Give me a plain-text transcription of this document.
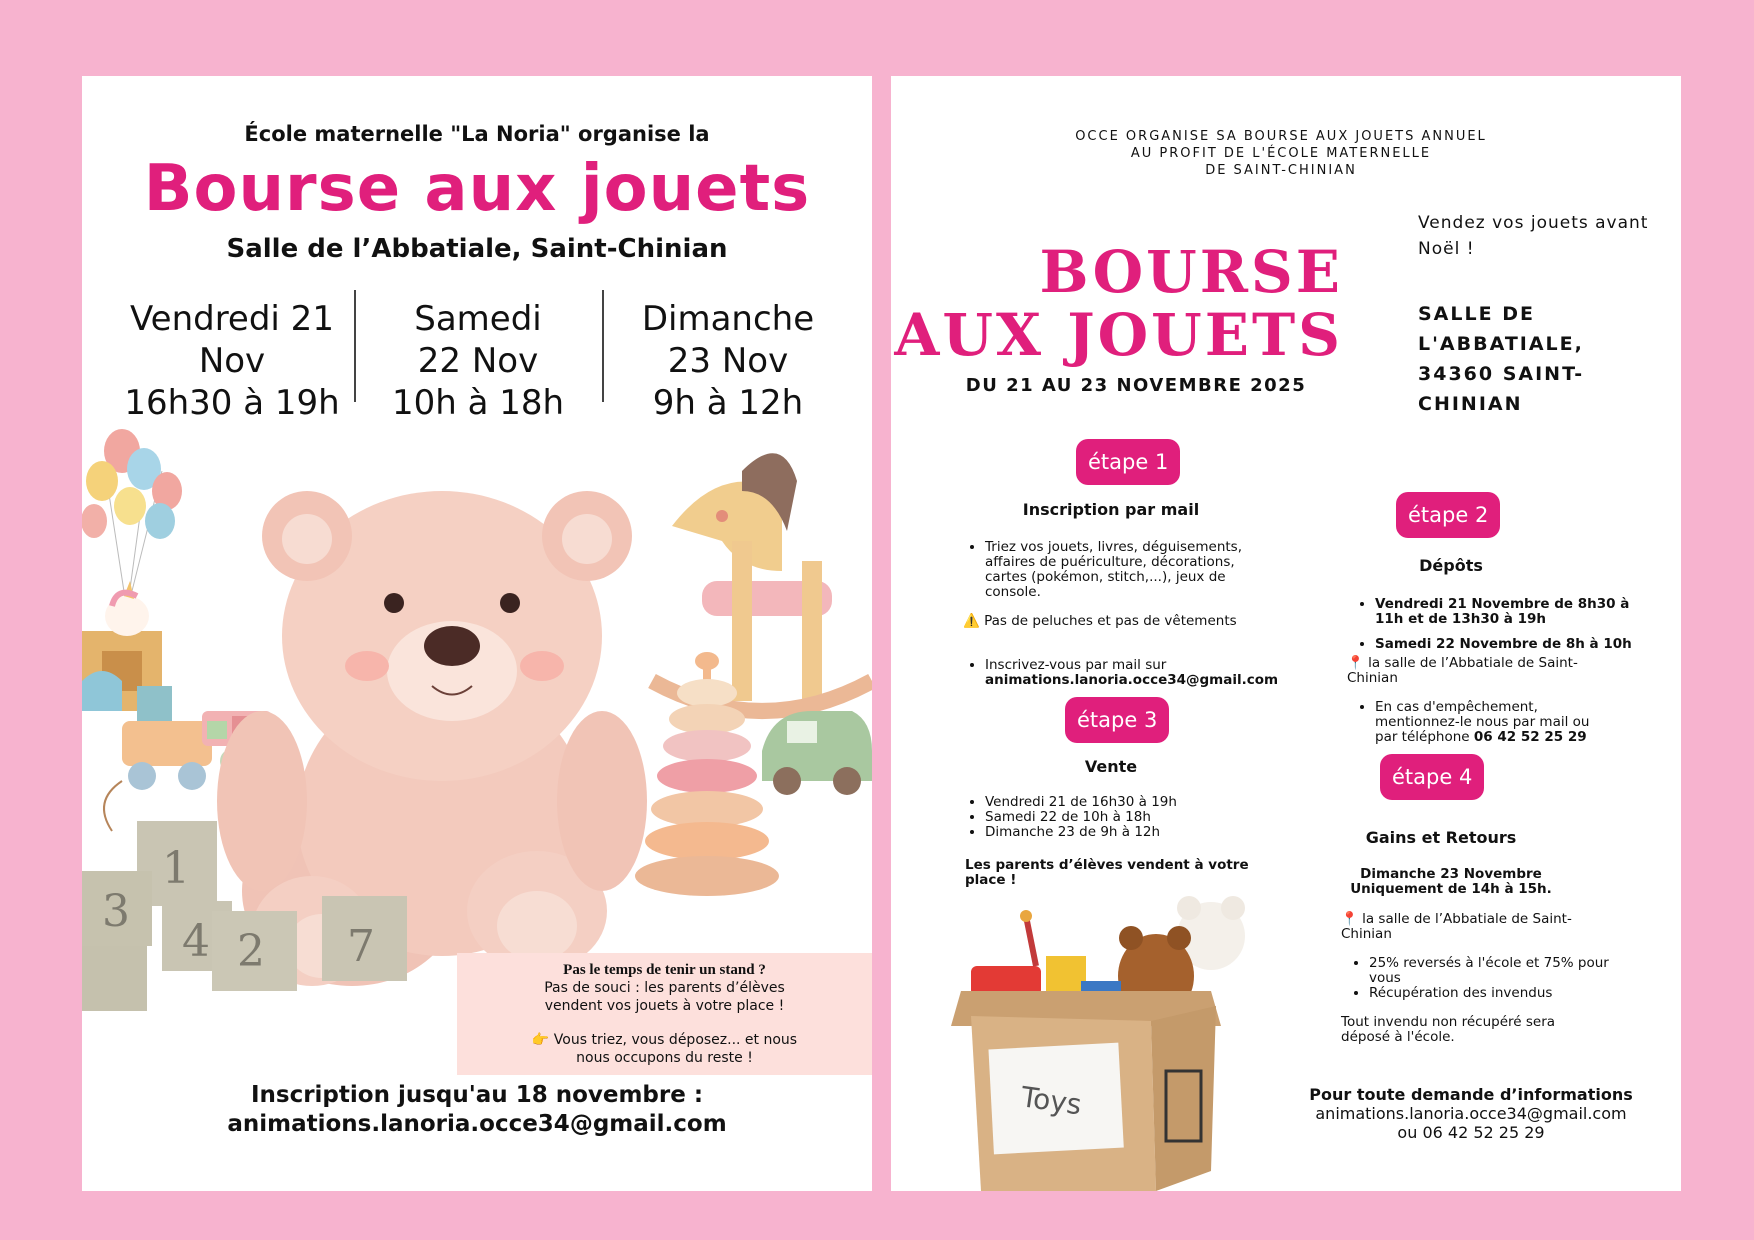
École maternelle "La Noria" organise la
Bourse aux jouets
Salle de l’Abbatiale, Saint-Chinian
Vendredi 21
Nov
16h30 à 19h
Samedi
22 Nov
10h à 18h
Dimanche
23 Nov
9h à 12h
1
3
4 2 7	Pas le temps de tenir un stand ?
Pas de souci : les parents d’élèves
vendent vos jouets à votre place !
👉 Vous triez, vous déposez... et nous
nous occupons du reste !
Inscription jusqu'au 18 novembre :
animations.lanoria.occe34@gmail.com
OCCE ORGANISE SA BOURSE AUX JOUETS ANNUEL
AU PROFIT DE L'ÉCOLE MATERNELLE
DE SAINT-CHINIAN
BOURSE
AUX JOUETS
DU 21 AU 23 NOVEMBRE 2025
Vendez vos jouets avant Noël !
SALLE DE
L'ABBATIALE,
34360 SAINT-
CHINIAN
étape 1
Inscription par mail
• Triez vos jouets, livres, déguisements,
affaires de puériculture, décorations,
cartes (pokémon, stitch,...), jeux de
console.
⚠️ Pas de peluches et pas de vêtements
• Inscrivez-vous par mail sur
animations.lanoria.occe34@gmail.com
étape 2
Dépôts
• Vendredi 21 Novembre de 8h30 à
11h et de 13h30 à 19h
• Samedi 22 Novembre de 8h à 10h
📍 la salle de l’Abbatiale de Saint-
Chinian
• En cas d'empêchement,
mentionnez-le nous par mail ou
par téléphone 06 42 52 25 29
étape 3
Vente
• Vendredi 21 de 16h30 à 19h
• Samedi 22 de 10h à 18h
• Dimanche 23 de 9h à 12h
Les parents d’élèves vendent à votre
place !
étape 4
Gains et Retours
Dimanche 23 Novembre
Uniquement de 14h à 15h.
📍 la salle de l’Abbatiale de Saint-
Chinian
• 25% reversés à l'école et 75% pour
vous
• Récupération des invendus
Tout invendu non récupéré sera
déposé à l'école.
Toys	Pour toute demande d’informations
animations.lanoria.occe34@gmail.com
ou 06 42 52 25 29
